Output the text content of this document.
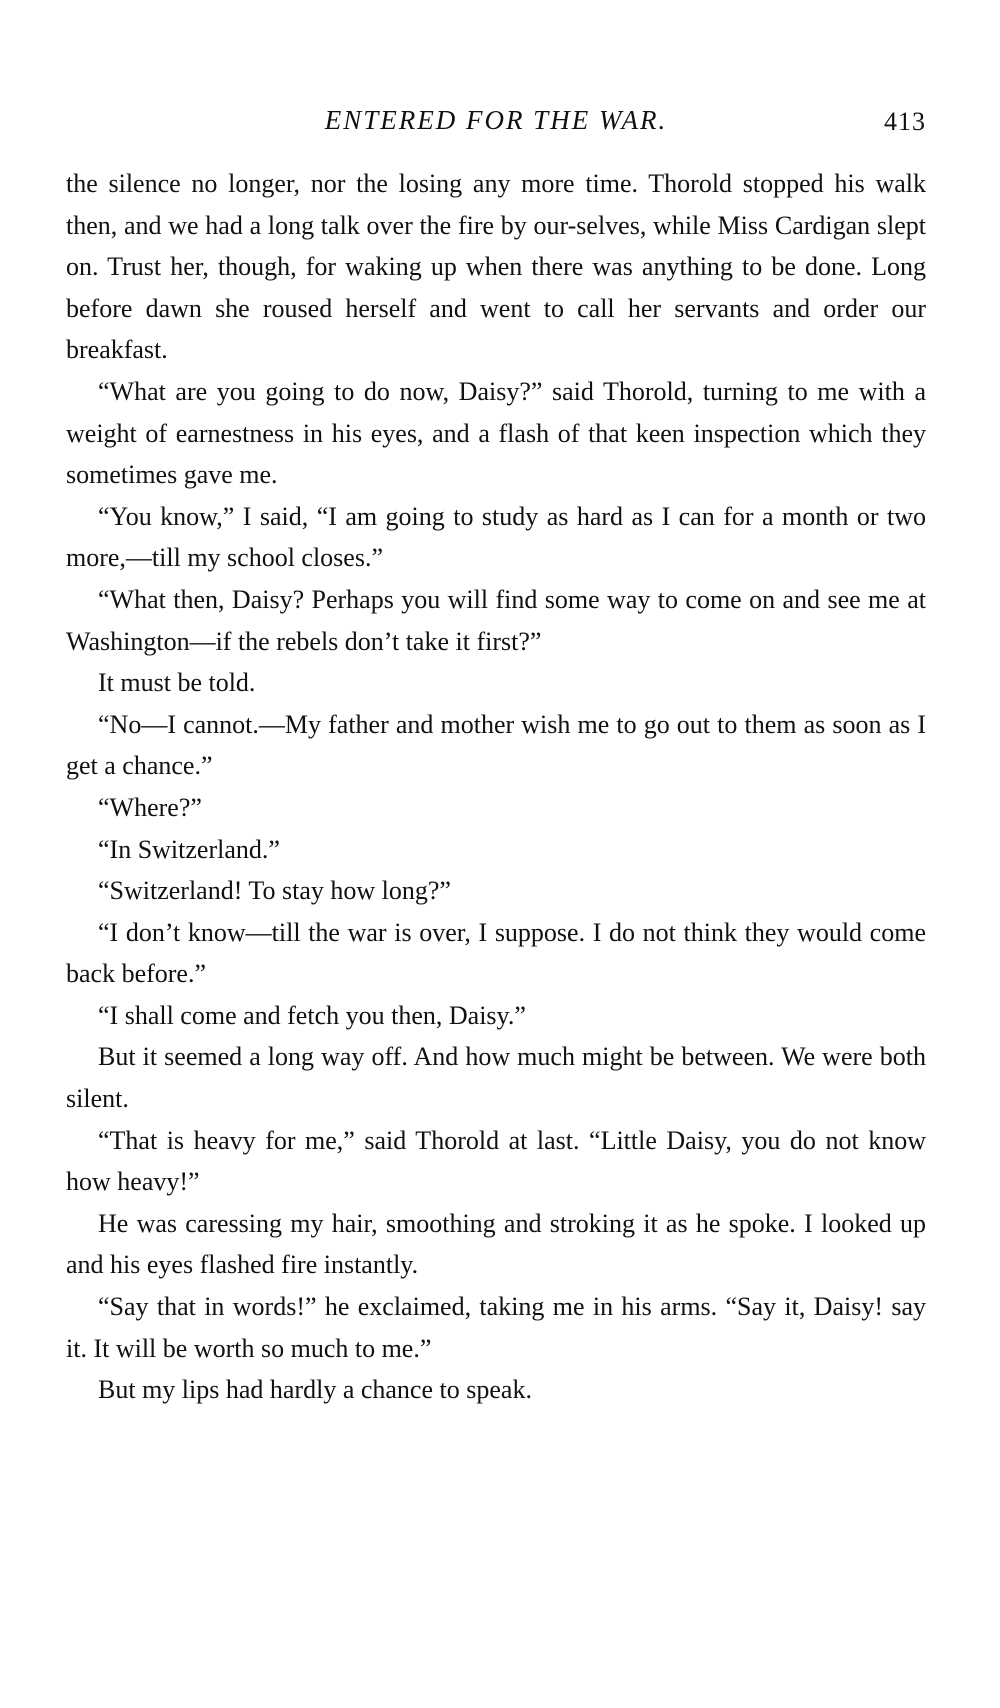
ENTERED FOR THE WAR.	413

the silence no longer, nor the losing any more time. Thorold stopped his walk then, and we had a long talk over the fire by our-selves, while Miss Cardigan slept on. Trust her, though, for waking up when there was anything to be done. Long before dawn she roused herself and went to call her servants and order our breakfast.

“What are you going to do now, Daisy?” said Thorold, turning to me with a weight of earnestness in his eyes, and a flash of that keen inspection which they sometimes gave me.

“You know,” I said, “I am going to study as hard as I can for a month or two more,—till my school closes.”

“What then, Daisy? Perhaps you will find some way to come on and see me at Washington—if the rebels don’t take it first?”

It must be told.

“No—I cannot.—My father and mother wish me to go out to them as soon as I get a chance.”

“Where?”

“In Switzerland.”

“Switzerland! To stay how long?”

“I don’t know—till the war is over, I suppose. I do not think they would come back before.”

“I shall come and fetch you then, Daisy.”

But it seemed a long way off. And how much might be between. We were both silent.

“That is heavy for me,” said Thorold at last. “Little Daisy, you do not know how heavy!”

He was caressing my hair, smoothing and stroking it as he spoke. I looked up and his eyes flashed fire instantly.

“Say that in words!” he exclaimed, taking me in his arms. “Say it, Daisy! say it. It will be worth so much to me.”

But my lips had hardly a chance to speak.
